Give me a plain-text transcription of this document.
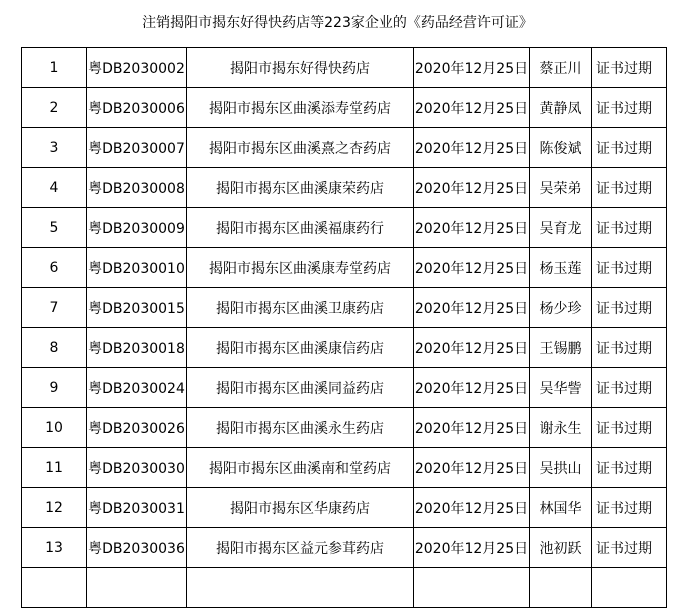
注销揭阳市揭东好得快药店等223家企业的《药品经营许可证》
1	粤DB2030002	揭阳市揭东好得快药店	2020年12月25日	蔡正川	证书过期
2	粤DB2030006	揭阳市揭东区曲溪添寿堂药店	2020年12月25日	黄静凤	证书过期
3	粤DB2030007	揭阳市揭东区曲溪熹之杏药店	2020年12月25日	陈俊斌	证书过期
4	粤DB2030008	揭阳市揭东区曲溪康荣药店	2020年12月25日	吴荣弟	证书过期
5	粤DB2030009	揭阳市揭东区曲溪福康药行	2020年12月25日	吴育龙	证书过期
6	粤DB2030010	揭阳市揭东区曲溪康寿堂药店	2020年12月25日	杨玉莲	证书过期
7	粤DB2030015	揭阳市揭东区曲溪卫康药店	2020年12月25日	杨少珍	证书过期
8	粤DB2030018	揭阳市揭东区曲溪康信药店	2020年12月25日	王锡鹏	证书过期
9	粤DB2030024	揭阳市揭东区曲溪同益药店	2020年12月25日	吴华訾	证书过期
10	粤DB2030026	揭阳市揭东区曲溪永生药店	2020年12月25日	谢永生	证书过期
11	粤DB2030030	揭阳市揭东区曲溪南和堂药店	2020年12月25日	吴拱山	证书过期
12	粤DB2030031	揭阳市揭东区华康药店	2020年12月25日	林国华	证书过期
13	粤DB2030036	揭阳市揭东区益元参茸药店	2020年12月25日	池初跃	证书过期
